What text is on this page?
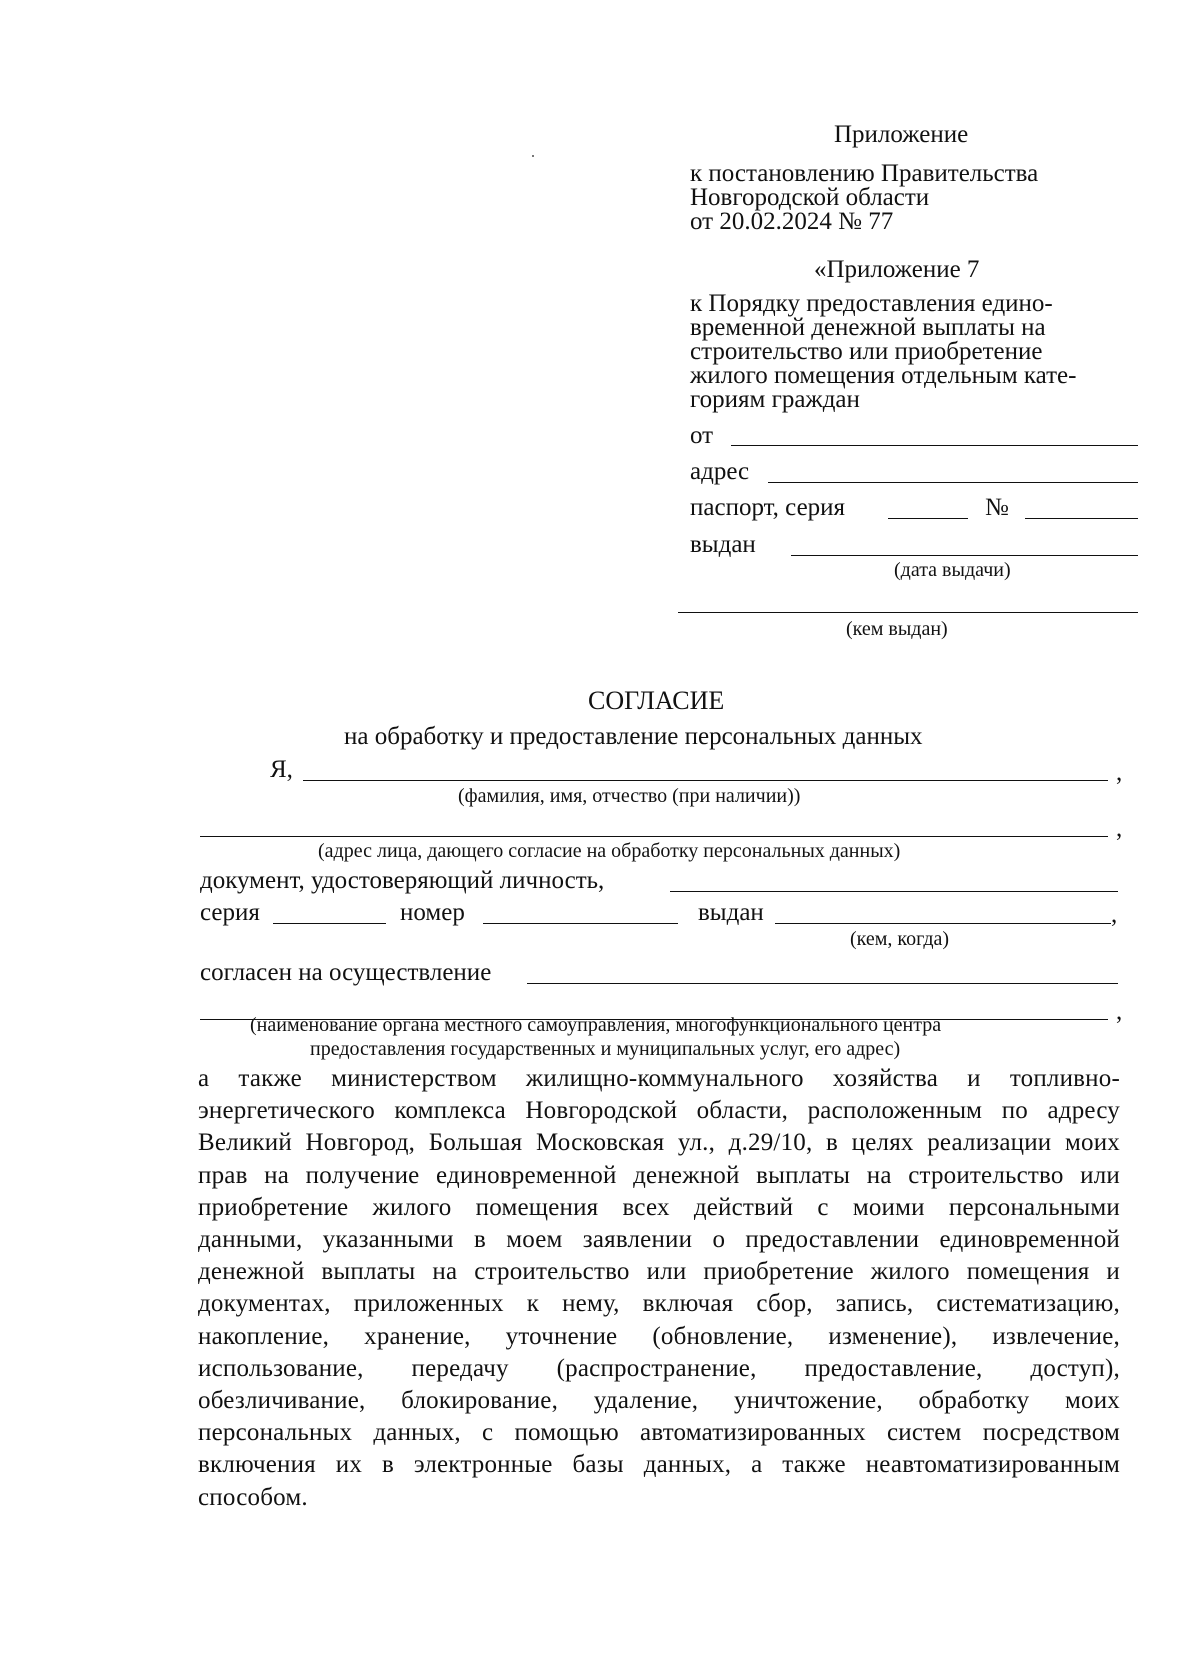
Приложение
к постановлению Правительства
Новгородской области
от 20.02.2024 № 77
«Приложение 7
к Порядку предоставления едино-
временной денежной выплаты на
строительство или приобретение
жилого помещения отдельным кате-
гориям граждан
от
адрес
паспорт, серия	№
выдан
(дата выдачи)
(кем выдан)
СОГЛАСИЕ
на обработку и предоставление персональных данных
Я,	,
(фамилия, имя, отчество (при наличии))
,
(адрес лица, дающего согласие на обработку персональных данных)
документ, удостоверяющий личность,
серия	номер	выдан	,
(кем, когда)
согласен на осуществление
,
(наименование органа местного самоуправления, многофункционального центра
предоставления государственных и муниципальных услуг, его адрес)

а также министерством жилищно-коммунального хозяйства и топливно-энергетического комплекса Новгородской области, расположенным по адресу Великий Новгород, Большая Московская ул., д.29/10, в целях реализации моих прав на получение единовременной денежной выплаты на строительство или приобретение жилого помещения всех действий с моими персональными данными, указанными в моем заявлении о предоставлении единовременной денежной выплаты на строительство или приобретение жилого помещения и документах, приложенных к нему, включая сбор, запись, систематизацию, накопление, хранение, уточнение (обновление, изменение), извлечение, использование, передачу (распространение, предоставление, доступ), обезличивание, блокирование, удаление, уничтожение, обработку моих персональных данных, с помощью автоматизированных систем посредством включения их в электронные базы данных, а также неавтоматизированным способом.
